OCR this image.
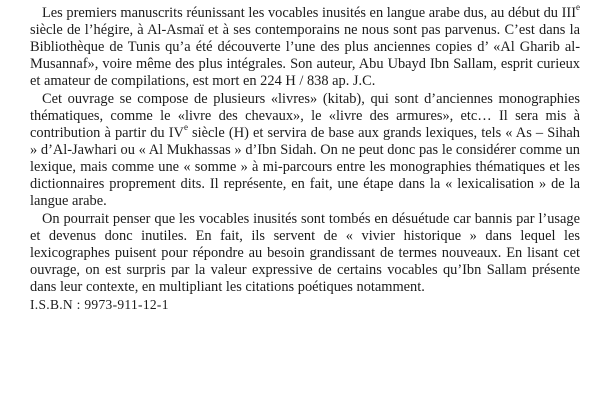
Les premiers manuscrits réunissant les vocables inusités en langue arabe dus, au début du IIIe siècle de l’hégire, à Al-Asmaï et à ses contemporains ne nous sont pas parvenus. C’est dans la Bibliothèque de Tunis qu’a été découverte l’une des plus anciennes copies d’ «Al Gharib al-Musannaf», voire même des plus intégrales. Son auteur, Abu Ubayd Ibn Sallam, esprit curieux et amateur de compilations, est mort en 224 H / 838 ap. J.C.

Cet ouvrage se compose de plusieurs «livres» (kitab), qui sont d’anciennes monographies thématiques, comme le «livre des chevaux», le «livre des armures», etc… Il sera mis à contribution à partir du IVe siècle (H) et servira de base aux grands lexiques, tels « As – Sihah » d’Al-Jawhari ou « Al Mukhassas » d’Ibn Sidah. On ne peut donc pas le considérer comme un lexique, mais comme une « somme » à mi-parcours entre les monographies thématiques et les dictionnaires proprement dits. Il représente, en fait, une étape dans la « lexicalisation » de la langue arabe.

On pourrait penser que les vocables inusités sont tombés en désuétude car bannis par l’usage et devenus donc inutiles. En fait, ils servent de « vivier historique » dans lequel les lexicographes puisent pour répondre au besoin grandissant de termes nouveaux. En lisant cet ouvrage, on est surpris par la valeur expressive de certains vocables qu’Ibn Sallam présente dans leur contexte, en multipliant les citations poétiques notamment.

I.S.B.N : 9973-911-12-1
